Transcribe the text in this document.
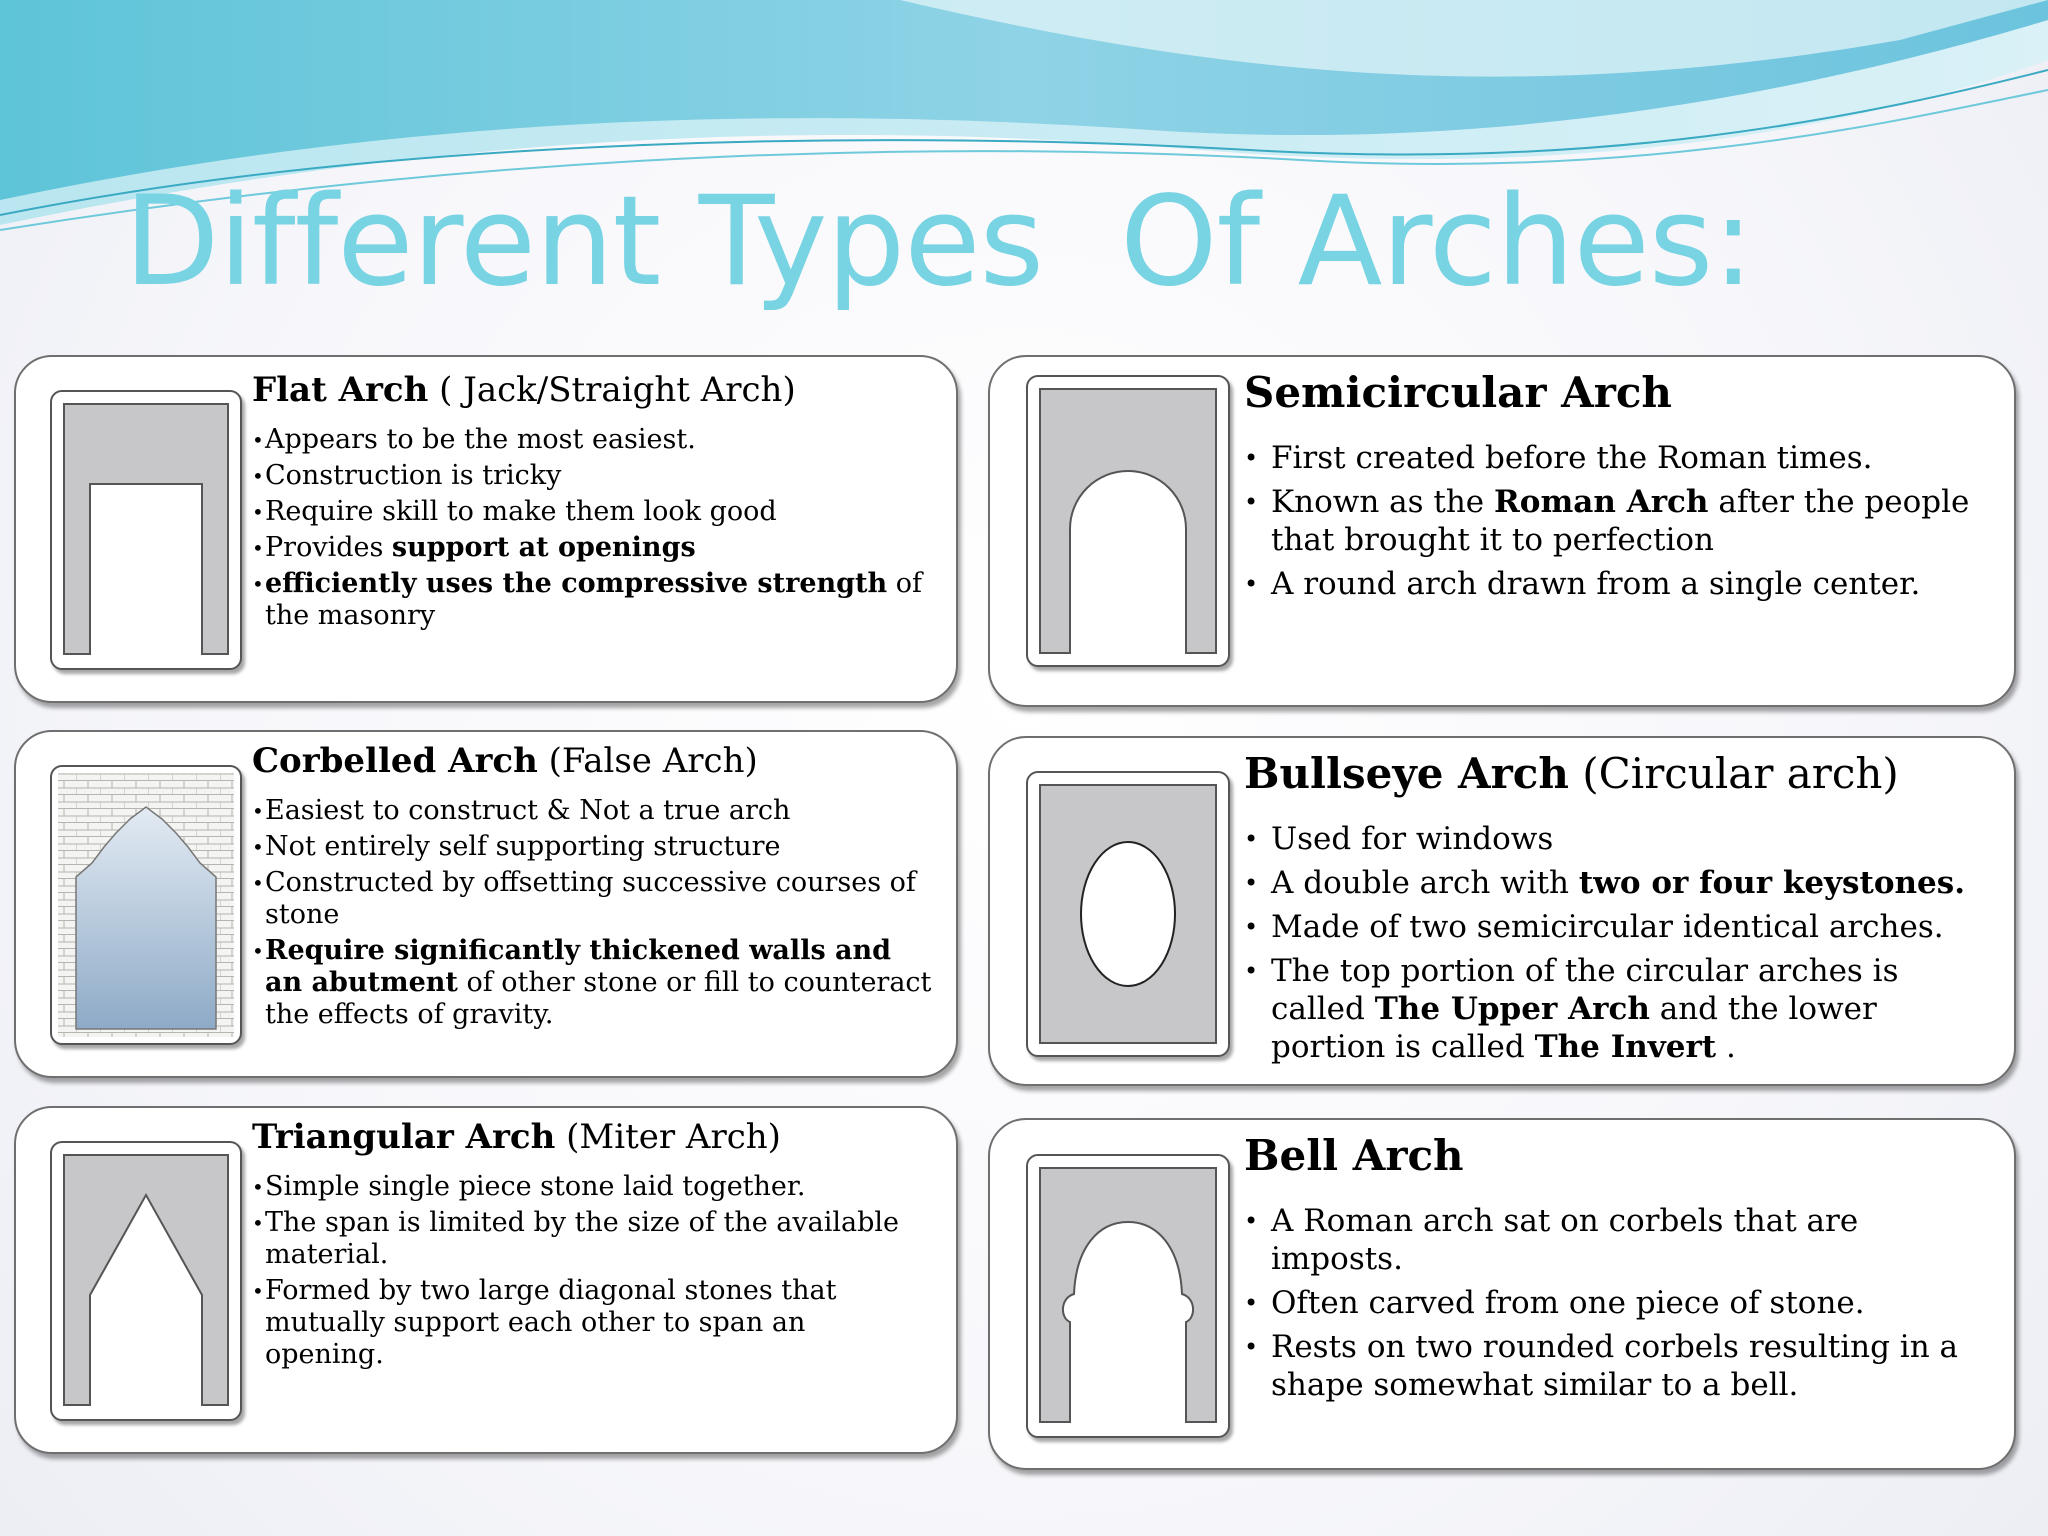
Different Types  Of Arches:
Flat Arch ( Jack/Straight Arch)
• Appears to be the most easiest.
• Construction is tricky
• Require skill to make them look good
• Provides support at openings
• efficiently uses the compressive strength of the masonry
Corbelled Arch (False Arch)
• Easiest to construct & Not a true arch
• Not entirely self supporting structure
• Constructed by offsetting successive courses of stone
• Require significantly thickened walls and an abutment of other stone or fill to counteract the effects of gravity.
Triangular Arch (Miter Arch)
• Simple single piece stone laid together.
• The span is limited by the size of the available material.
• Formed by two large diagonal stones that mutually support each other to span an opening.
Semicircular Arch
• First created before the Roman times.
• Known as the Roman Arch after the people that brought it to perfection
• A round arch drawn from a single center.
Bullseye Arch (Circular arch)
• Used for windows
• A double arch with two or four keystones.
• Made of two semicircular identical arches.
• The top portion of the circular arches is called The Upper Arch and the lower portion is called The Invert .
Bell Arch
• A Roman arch sat on corbels that are imposts.
• Often carved from one piece of stone.
• Rests on two rounded corbels resulting in a shape somewhat similar to a bell.
